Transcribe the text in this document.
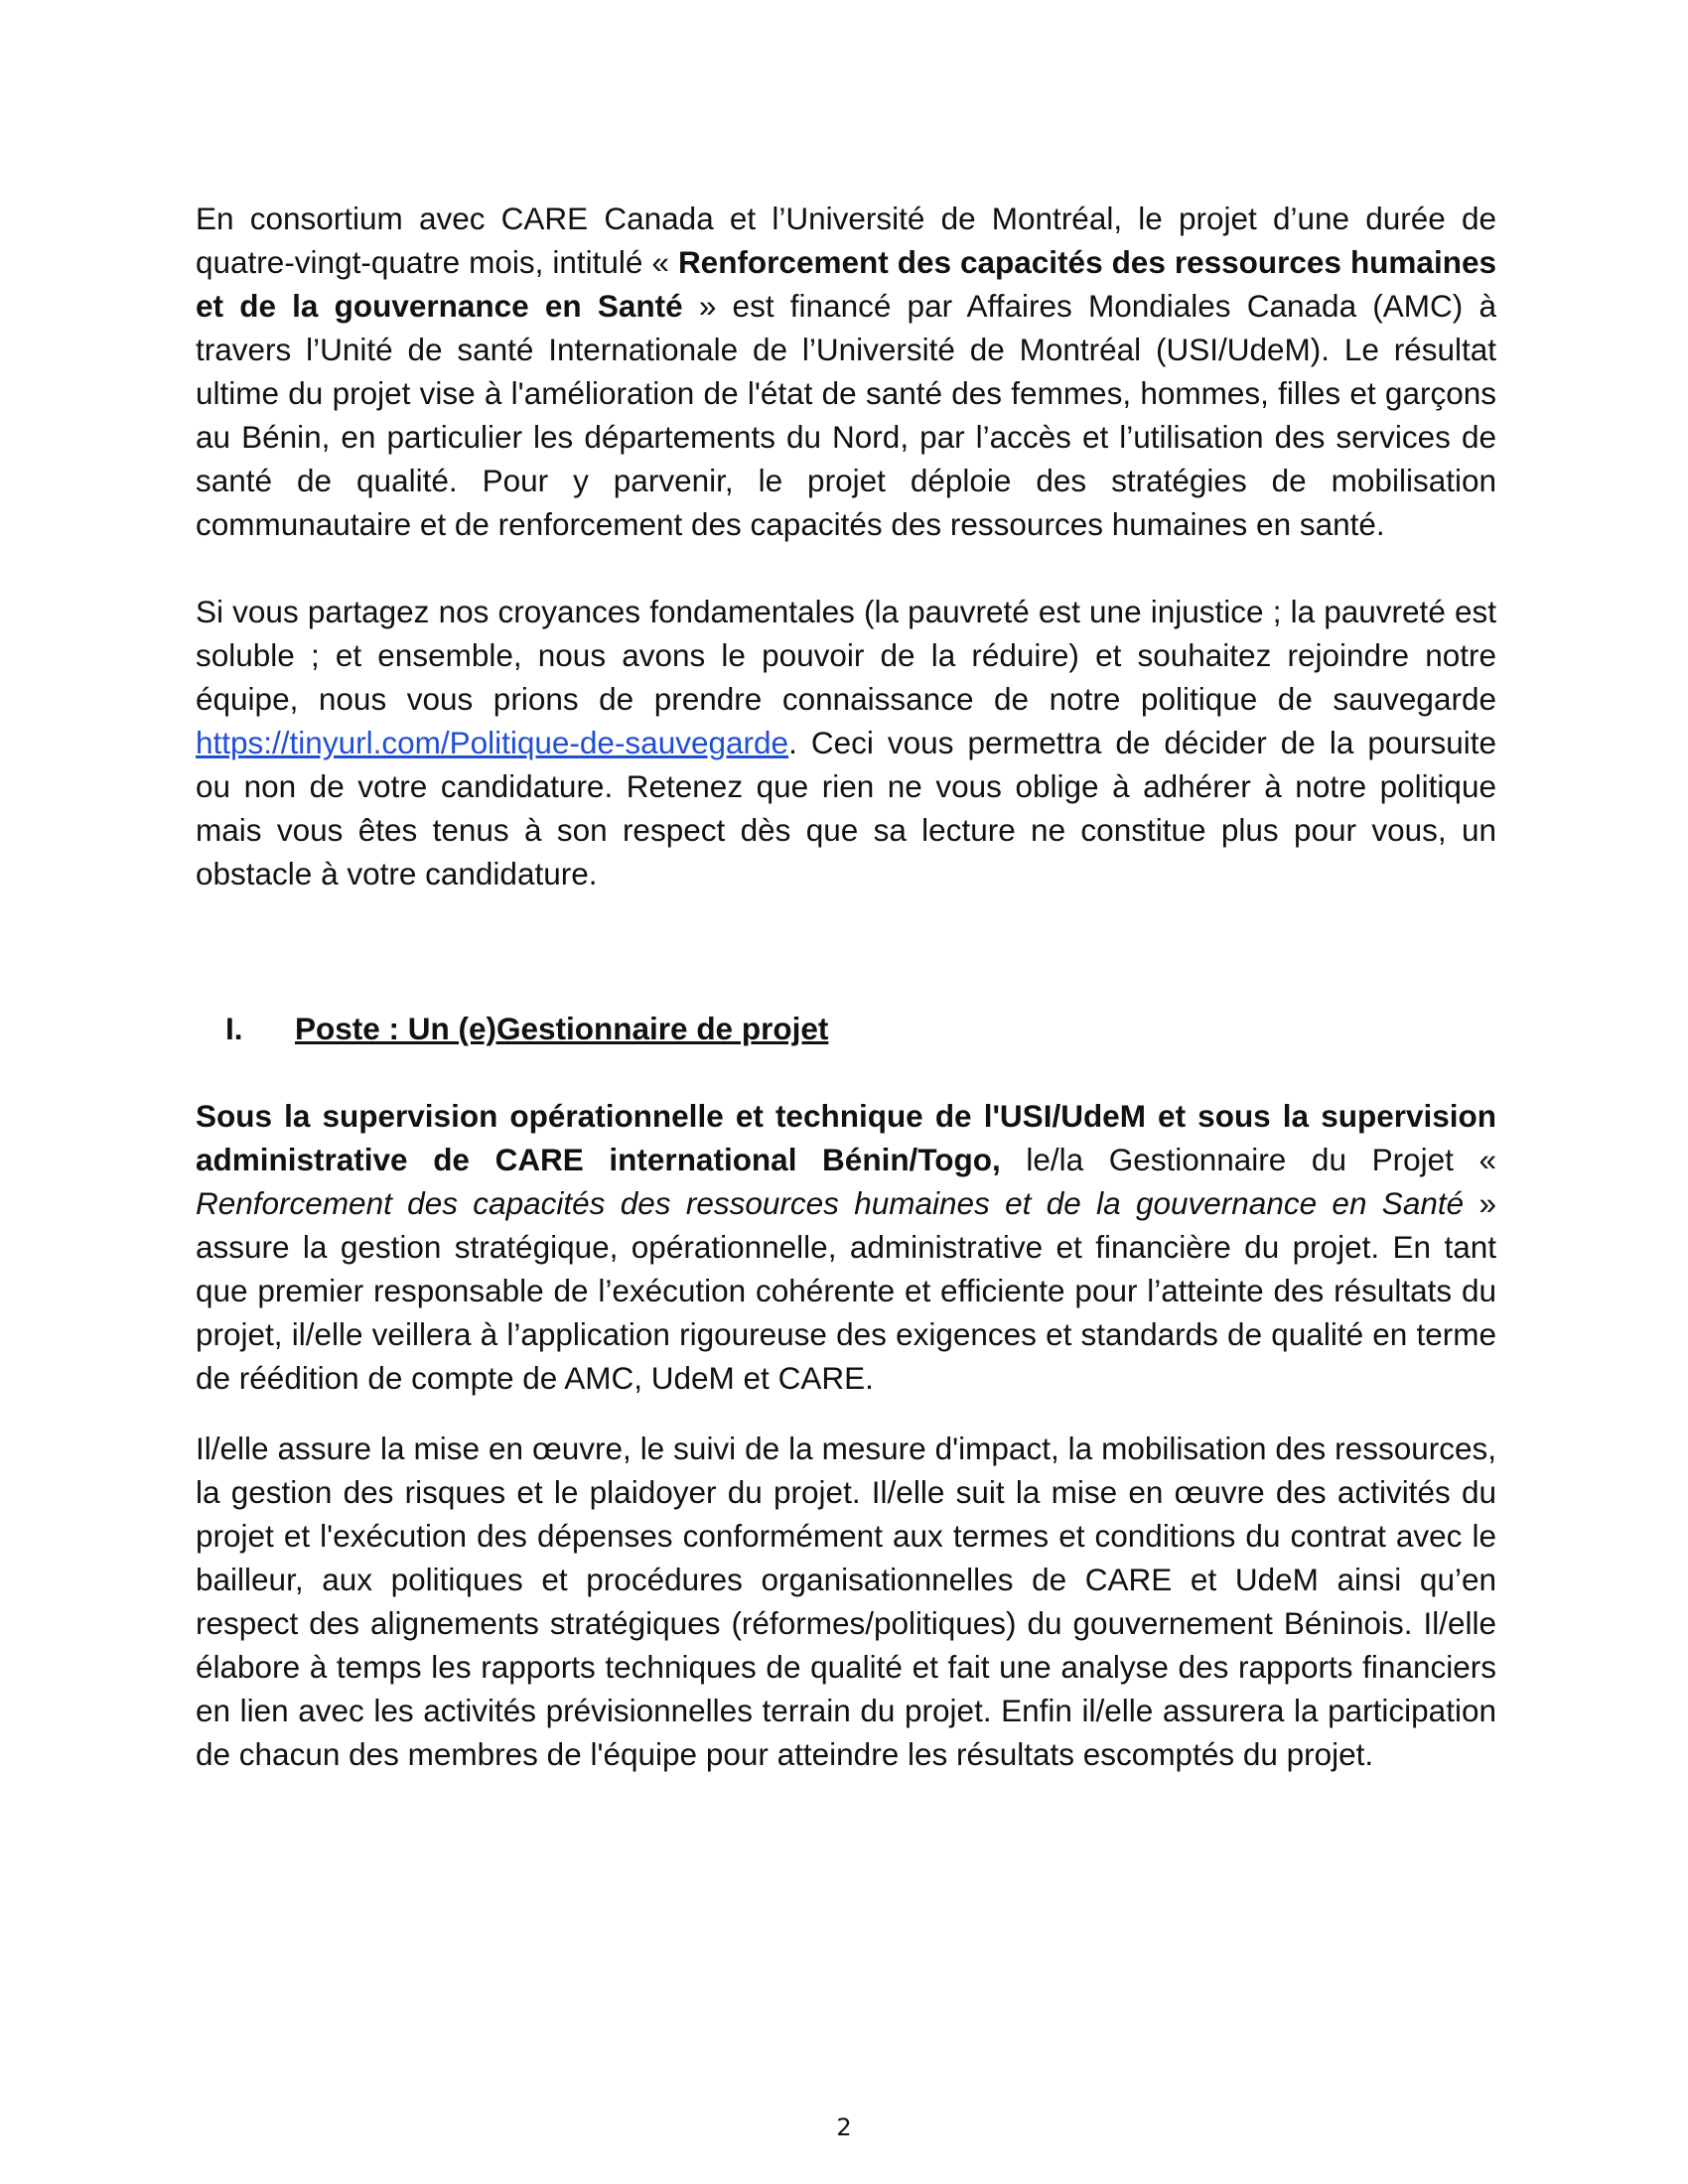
En consortium avec CARE Canada et l’Université de Montréal, le projet d’une durée de quatre-vingt-quatre mois, intitulé « Renforcement des capacités des ressources humaines et de la gouvernance en Santé » est financé par Affaires Mondiales Canada (AMC) à travers l’Unité de santé Internationale de l’Université de Montréal (USI/UdeM). Le résultat ultime du projet vise à l'amélioration de l'état de santé des femmes, hommes, filles et garçons au Bénin, en particulier les départements du Nord, par l’accès et l’utilisation des services de santé de qualité. Pour y parvenir, le projet déploie des stratégies de mobilisation communautaire et de renforcement des capacités des ressources humaines en santé.

Si vous partagez nos croyances fondamentales (la pauvreté est une injustice ; la pauvreté est soluble ; et ensemble, nous avons le pouvoir de la réduire) et souhaitez rejoindre notre équipe, nous vous prions de prendre connaissance de notre politique de sauvegarde https://tinyurl.com/Politique-de-sauvegarde. Ceci vous permettra de décider de la poursuite ou non de votre candidature. Retenez que rien ne vous oblige à adhérer à notre politique mais vous êtes tenus à son respect dès que sa lecture ne constitue plus pour vous, un obstacle à votre candidature.

I.	Poste : Un (e)Gestionnaire de projet

Sous la supervision opérationnelle et technique de l'USI/UdeM et sous la supervision administrative de CARE international Bénin/Togo, le/la Gestionnaire du Projet « Renforcement des capacités des ressources humaines et de la gouvernance en Santé » assure la gestion stratégique, opérationnelle, administrative et financière du projet. En tant que premier responsable de l’exécution cohérente et efficiente pour l’atteinte des résultats du projet, il/elle veillera à l’application rigoureuse des exigences et standards de qualité en terme de réédition de compte de AMC, UdeM et CARE.

Il/elle assure la mise en œuvre, le suivi de la mesure d'impact, la mobilisation des ressources, la gestion des risques et le plaidoyer du projet. Il/elle suit la mise en œuvre des activités du projet et l'exécution des dépenses conformément aux termes et conditions du contrat avec le bailleur, aux politiques et procédures organisationnelles de CARE et UdeM ainsi qu’en respect des alignements stratégiques (réformes/politiques) du gouvernement Béninois. Il/elle élabore à temps les rapports techniques de qualité et fait une analyse des rapports financiers en lien avec les activités prévisionnelles terrain du projet. Enfin il/elle assurera la participation de chacun des membres de l'équipe pour atteindre les résultats escomptés du projet.

2
